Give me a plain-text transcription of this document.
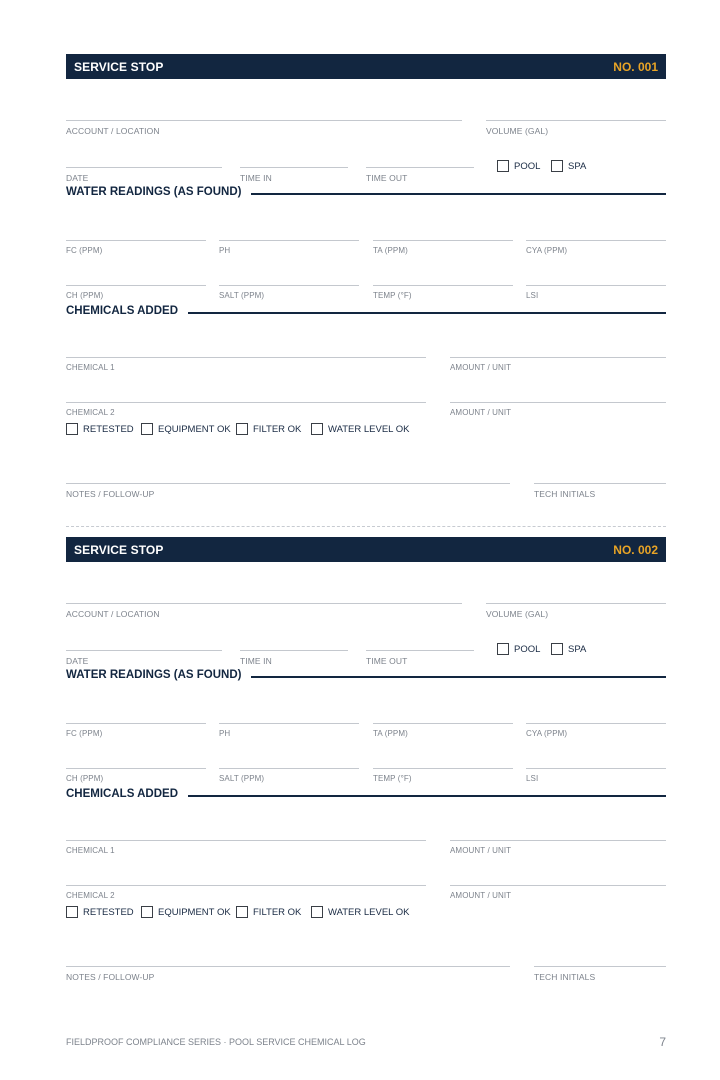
SERVICE STOP	NO. 001
ACCOUNT / LOCATION	VOLUME (GAL)
DATE	TIME IN	TIME OUT
POOL	SPA
WATER READINGS (AS FOUND)
FC (PPM)	PH	TA (PPM)	CYA (PPM)
CH (PPM)	SALT (PPM)	TEMP (°F)	LSI
CHEMICALS ADDED
CHEMICAL 1	AMOUNT / UNIT
CHEMICAL 2	AMOUNT / UNIT
RETESTED	EQUIPMENT OK FILTER OK	WATER LEVEL OK
NOTES / FOLLOW-UP	TECH INITIALS
SERVICE STOP	NO. 002
ACCOUNT / LOCATION	VOLUME (GAL)
DATE	TIME IN	TIME OUT
POOL	SPA
WATER READINGS (AS FOUND)
FC (PPM)	PH	TA (PPM)	CYA (PPM)
CH (PPM)	SALT (PPM)	TEMP (°F)	LSI
CHEMICALS ADDED
CHEMICAL 1	AMOUNT / UNIT
CHEMICAL 2	AMOUNT / UNIT
RETESTED	EQUIPMENT OK FILTER OK	WATER LEVEL OK
NOTES / FOLLOW-UP	TECH INITIALS
FIELDPROOF COMPLIANCE SERIES · POOL SERVICE CHEMICAL LOG	7
